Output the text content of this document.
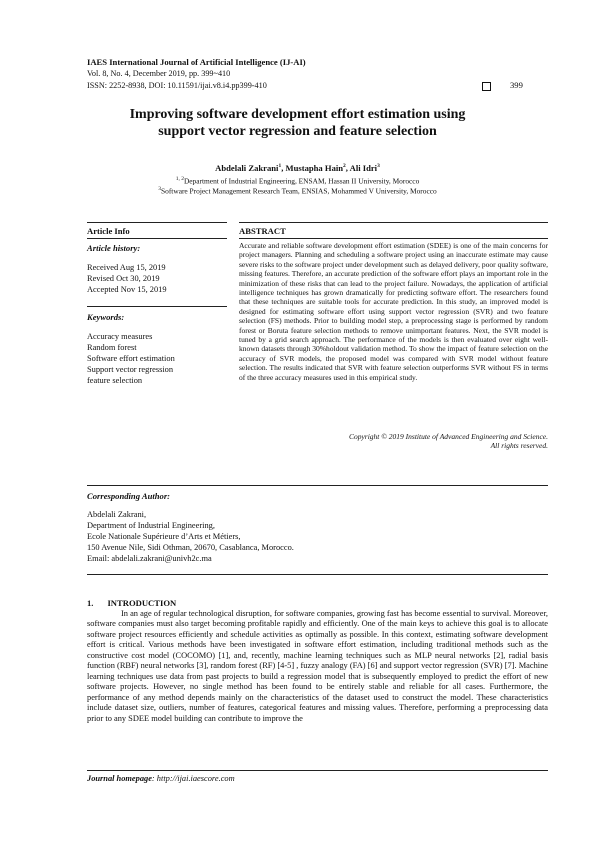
IAES International Journal of Artificial Intelligence (IJ-AI)
Vol. 8, No. 4, December 2019, pp. 399~410
ISSN: 2252-8938, DOI: 10.11591/ijai.v8.i4.pp399-410	399
Improving software development effort estimation using
support vector regression and feature selection
Abdelali Zakrani$^1$, Mustapha Hain$^2$, Ali Idri$^3$
$^{1, 2}$Department of Industrial Engineering, ENSAM, Hassan II University, Morocco
$^3$Software Project Management Research Team, ENSIAS, Mohammed V University, Morocco
Article Info	ABSTRACT
Article history:
Received Aug 15, 2019
Revised Oct 30, 2019
Accepted Nov 15, 2019
Keywords:
Accuracy measures
Random forest
Software effort estimation
Support vector regression
feature selection
Accurate and reliable software development effort estimation (SDEE) is one of the main concerns for project managers. Planning and scheduling a software project using an inaccurate estimate may cause severe risks to the software project under development such as delayed delivery, poor quality software, missing features. Therefore, an accurate prediction of the software effort plays an important role in the minimization of these risks that can lead to the project failure. Nowadays, the application of artificial intelligence techniques has grown dramatically for predicting software effort. The researchers found that these techniques are suitable tools for accurate prediction. In this study, an improved model is designed for estimating software effort using support vector regression (SVR) and two feature selection (FS) methods. Prior to building model step, a preprocessing stage is performed by random forest or Boruta feature selection methods to remove unimportant features. Next, the SVR model is tuned by a grid search approach. The performance of the models is then evaluated over eight well-known datasets through 30%holdout validation method. To show the impact of feature selection on the accuracy of SVR models, the proposed model was compared with SVR model without feature selection. The results indicated that SVR with feature selection outperforms SVR without FS in terms of the three accuracy measures used in this empirical study.
Copyright © 2019 Institute of Advanced Engineering and Science.
All rights reserved.
Corresponding Author:
Abdelali Zakrani,
Department of Industrial Engineering,
Ecole Nationale Supérieure d’Arts et Métiers,
150 Avenue Nile, Sidi Othman, 20670, Casablanca, Morocco.
Email: abdelali.zakrani@univh2c.ma
1. INTRODUCTION
In an age of regular technological disruption, for software companies, growing fast has become essential to survival. Moreover, software companies must also target becoming profitable rapidly and efficiently. One of the main keys to achieve this goal is to allocate software project resources efficiently and schedule activities as optimally as possible. In this context, estimating software development effort is critical. Various methods have been investigated in software effort estimation, including traditional methods such as the constructive cost model (COCOMO) [1], and, recently, machine learning techniques such as MLP neural networks [2], radial basis function (RBF) neural networks [3], random forest (RF) [4-5] , fuzzy analogy (FA) [6] and support vector regression (SVR) [7]. Machine learning techniques use data from past projects to build a regression model that is subsequently employed to predict the effort of new software projects. However, no single method has been found to be entirely stable and reliable for all cases. Furthermore, the performance of any method depends mainly on the characteristics of the dataset used to construct the model. These characteristics include dataset size, outliers, number of features, categorical features and missing values. Therefore, performing a preprocessing data prior to any SDEE model building can contribute to improve the
Journal homepage: http://ijai.iaescore.com
